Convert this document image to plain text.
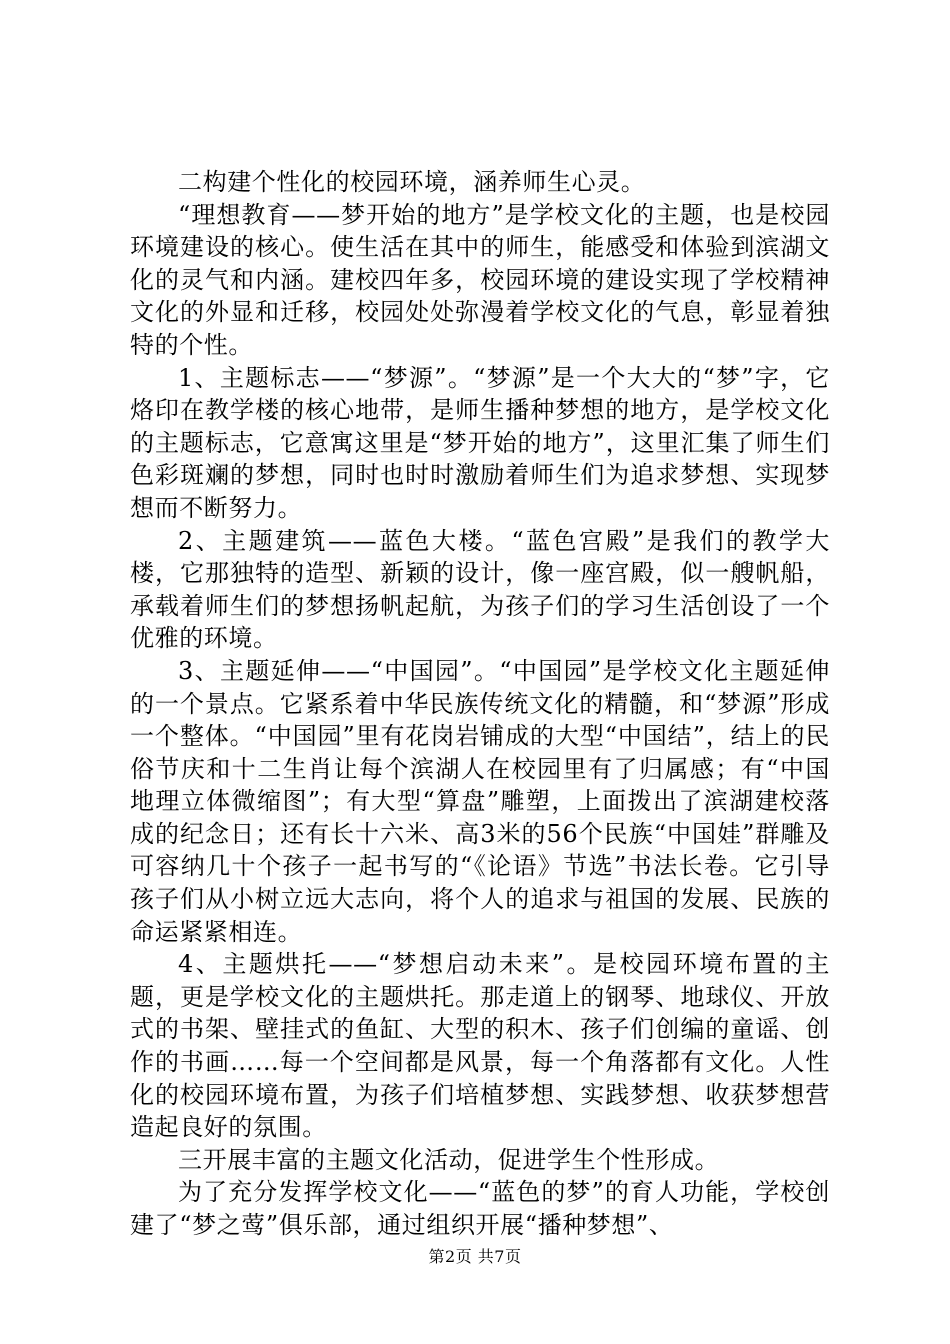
二构建个性化的校园环境，涵养师生心灵。

“理想教育——梦开始的地方”是学校文化的主题，也是校园环境建设的核心。使生活在其中的师生，能感受和体验到滨湖文化的灵气和内涵。建校四年多，校园环境的建设实现了学校精神文化的外显和迁移，校园处处弥漫着学校文化的气息，彰显着独特的个性。

1、主题标志——“梦源”。“梦源”是一个大大的“梦”字，它烙印在教学楼的核心地带，是师生播种梦想的地方，是学校文化的主题标志，它意寓这里是“梦开始的地方”，这里汇集了师生们色彩斑斓的梦想，同时也时时激励着师生们为追求梦想、实现梦想而不断努力。

2、主题建筑——蓝色大楼。“蓝色宫殿”是我们的教学大楼，它那独特的造型、新颖的设计，像一座宫殿，似一艘帆船，承载着师生们的梦想扬帆起航，为孩子们的学习生活创设了一个优雅的环境。

3、主题延伸——“中国园”。“中国园”是学校文化主题延伸的一个景点。它紧系着中华民族传统文化的精髓，和“梦源”形成一个整体。“中国园”里有花岗岩铺成的大型“中国结”，结上的民俗节庆和十二生肖让每个滨湖人在校园里有了归属感；有“中国地理立体微缩图”；有大型“算盘”雕塑，上面拨出了滨湖建校落成的纪念日；还有长十六米、高3米的56个民族“中国娃”群雕及可容纳几十个孩子一起书写的“《论语》节选”书法长卷。它引导孩子们从小树立远大志向，将个人的追求与祖国的发展、民族的命运紧紧相连。

4、主题烘托——“梦想启动未来”。是校园环境布置的主题，更是学校文化的主题烘托。那走道上的钢琴、地球仪、开放式的书架、壁挂式的鱼缸、大型的积木、孩子们创编的童谣、创作的书画……每一个空间都是风景，每一个角落都有文化。人性化的校园环境布置，为孩子们培植梦想、实践梦想、收获梦想营造起良好的氛围。

三开展丰富的主题文化活动，促进学生个性形成。

为了充分发挥学校文化——“蓝色的梦”的育人功能，学校创建了“梦之莺”俱乐部，通过组织开展“播种梦想”、

第2页 共7页
